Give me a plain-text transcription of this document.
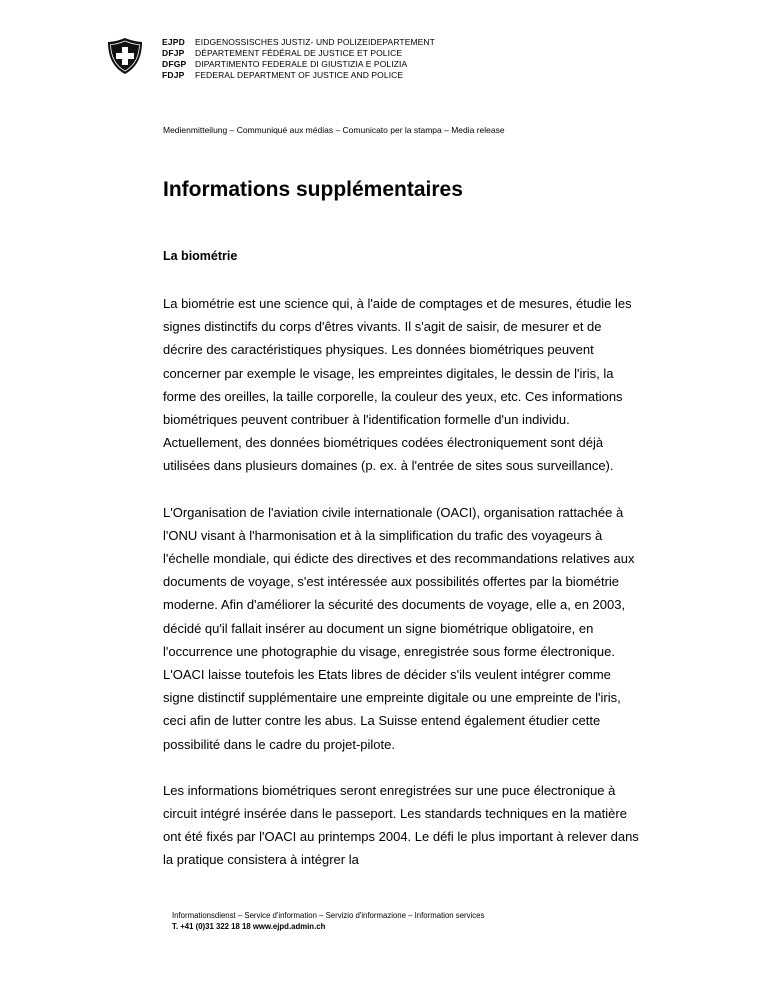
EJPD
DFJP
DFGP
FDJP
EIDGENOSSISCHES JUSTIZ- UND POLIZEIDEPARTEMENT
DÉPARTEMENT FÉDÉRAL DE JUSTICE ET POLICE
DIPARTIMENTO FEDERALE DI GIUSTIZIA E POLIZIA
FEDERAL DEPARTMENT OF JUSTICE AND POLICE
Medienmitteilung – Communiqué aux médias – Comunicato per la stampa – Media release
Informations supplémentaires
La biométrie

La biométrie est une science qui, à l'aide de comptages et de mesures, étudie les signes distinctifs du corps d'êtres vivants. Il s'agit de saisir, de mesurer et de décrire des caractéristiques physiques. Les données biométriques peuvent concerner par exemple le visage, les empreintes digitales, le dessin de l'iris, la forme des oreilles, la taille corporelle, la couleur des yeux, etc. Ces informations biométriques peuvent contribuer à l'identification formelle d'un individu. Actuellement, des données biométriques codées électroniquement sont déjà utilisées dans plusieurs domaines (p. ex. à l'entrée de sites sous surveillance).

L'Organisation de l'aviation civile internationale (OACI), organisation rattachée à l'ONU visant à l'harmonisation et à la simplification du trafic des voyageurs à l'échelle mondiale, qui édicte des directives et des recommandations relatives aux documents de voyage, s'est intéressée aux possibilités offertes par la biométrie moderne. Afin d'améliorer la sécurité des documents de voyage, elle a, en 2003, décidé qu'il fallait insérer au document un signe biométrique obligatoire, en l'occurrence une photographie du visage, enregistrée sous forme électronique. L'OACI laisse toutefois les Etats libres de décider s'ils veulent intégrer comme signe distinctif supplémentaire une empreinte digitale ou une empreinte de l'iris, ceci afin de lutter contre les abus. La Suisse entend également étudier cette possibilité dans le cadre du projet-pilote.

Les informations biométriques seront enregistrées sur une puce électronique à circuit intégré insérée dans le passeport. Les standards techniques en la matière ont été fixés par l'OACI au printemps 2004. Le défi le plus important à relever dans la pratique consistera à intégrer la

Informationsdienst – Service d'information – Servizio d'informazione – Information services
T. +41 (0)31 322 18 18 www.ejpd.admin.ch
